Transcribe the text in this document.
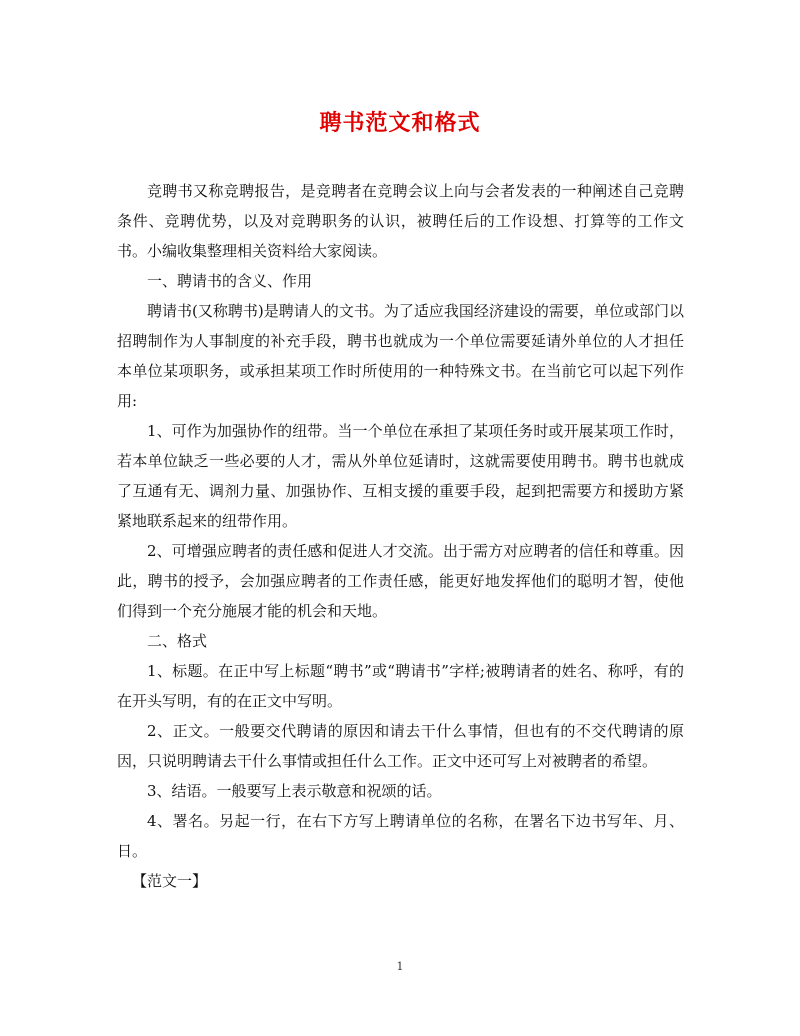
聘书范文和格式

竞聘书又称竞聘报告，是竞聘者在竞聘会议上向与会者发表的一种阐述自己竞聘条件、竞聘优势，以及对竞聘职务的认识，被聘任后的工作设想、打算等的工作文书。小编收集整理相关资料给大家阅读。

一、聘请书的含义、作用

聘请书(又称聘书)是聘请人的文书。为了适应我国经济建设的需要，单位或部门以招聘制作为人事制度的补充手段，聘书也就成为一个单位需要延请外单位的人才担任本单位某项职务，或承担某项工作时所使用的一种特殊文书。在当前它可以起下列作用:

1、可作为加强协作的纽带。当一个单位在承担了某项任务时或开展某项工作时，若本单位缺乏一些必要的人才，需从外单位延请时，这就需要使用聘书。聘书也就成了互通有无、调剂力量、加强协作、互相支援的重要手段，起到把需要方和援助方紧紧地联系起来的纽带作用。

2、可增强应聘者的责任感和促进人才交流。出于需方对应聘者的信任和尊重。因此，聘书的授予，会加强应聘者的工作责任感，能更好地发挥他们的聪明才智，使他们得到一个充分施展才能的机会和天地。

二、格式

1、标题。在正中写上标题“聘书”或“聘请书”字样;被聘请者的姓名、称呼，有的在开头写明，有的在正文中写明。

2、正文。一般要交代聘请的原因和请去干什么事情，但也有的不交代聘请的原因，只说明聘请去干什么事情或担任什么工作。正文中还可写上对被聘者的希望。

3、结语。一般要写上表示敬意和祝颂的话。

4、署名。另起一行，在右下方写上聘请单位的名称，在署名下边书写年、月、日。

【范文一】

1
